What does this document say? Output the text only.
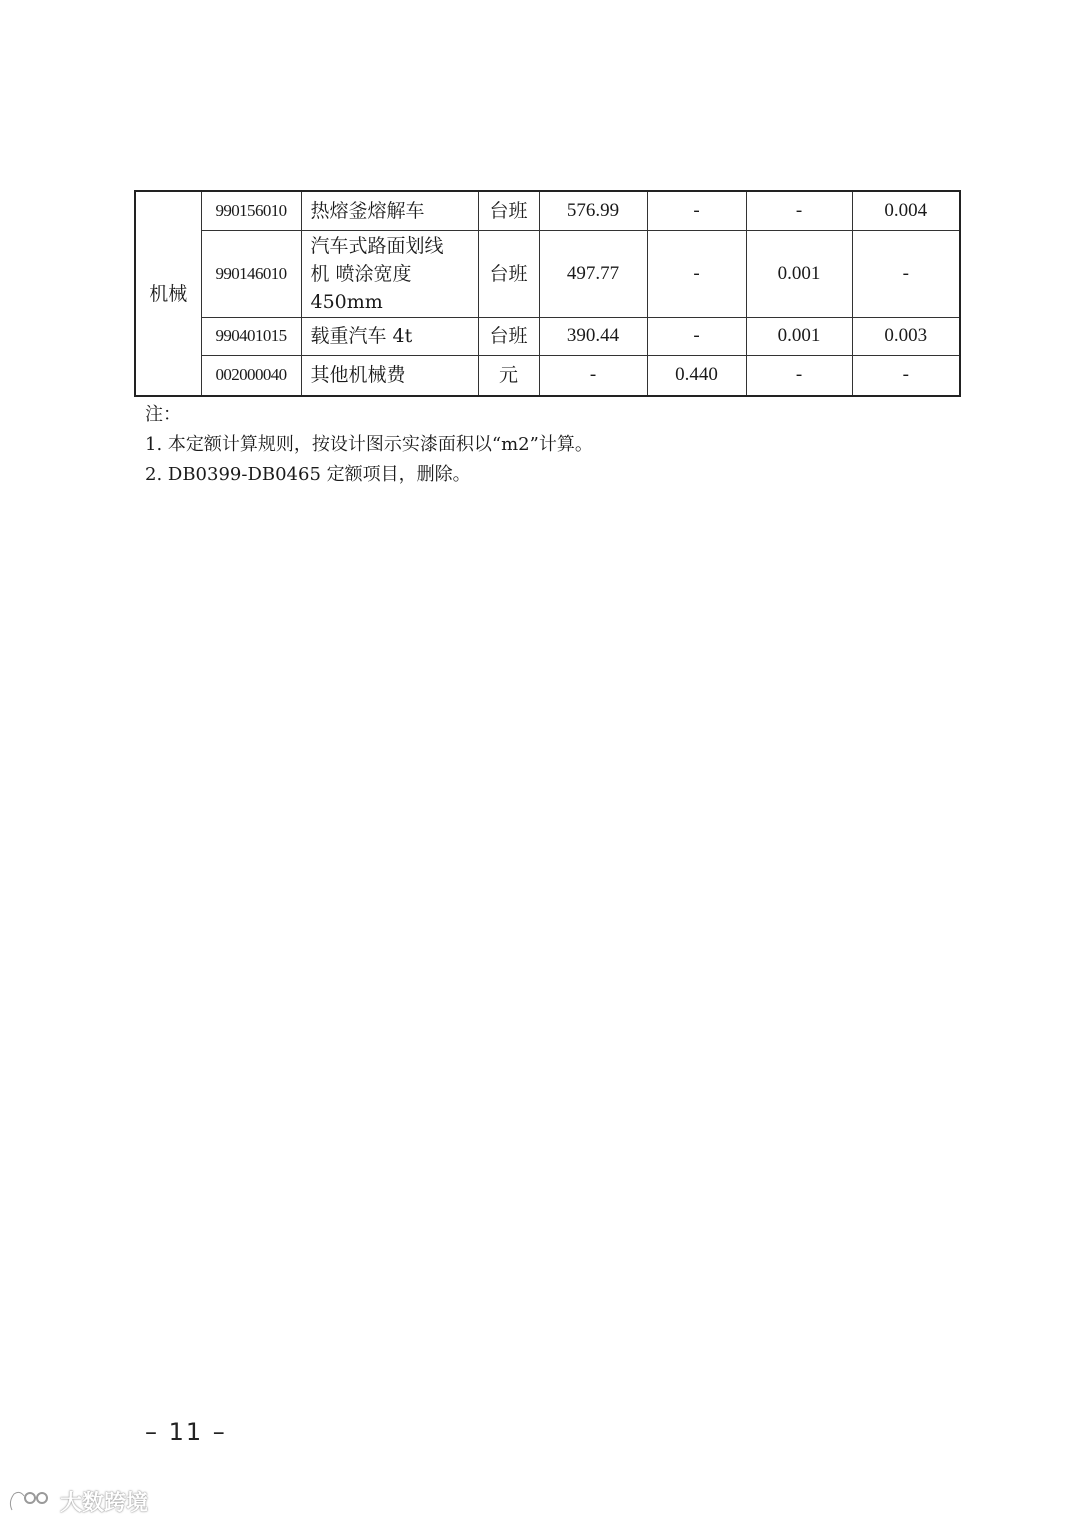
机械	990156010	热熔釜熔解车	台班	576.99	-	-	0.004
	990146010	汽车式路面划线
机 喷涂宽度
450mm	台班	497.77	-	0.001	-
	990401015	载重汽车 4t	台班	390.44	-	0.001	0.003
	002000040	其他机械费	元	-	0.440	-	-
注：
1. 本定额计算规则，按设计图示实漆面积以“m2”计算。
2. DB0399-DB0465 定额项目，删除。
– 11 –
大数跨境
